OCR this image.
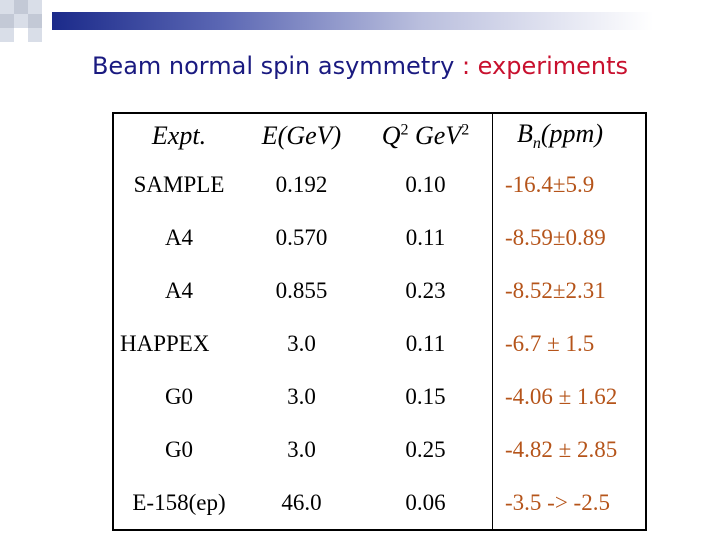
Beam normal spin asymmetry : experiments
Expt.	E(GeV)	$Q^2$ GeV$^2$	$B_n(ppm)$
SAMPLE	0.192	0.10	-16.4±5.9
A4	0.570	0.11	-8.59±0.89
A4	0.855	0.23	-8.52±2.31
HAPPEX	3.0	0.11	-6.7 ± 1.5
G0	3.0	0.15	-4.06 ± 1.62
G0	3.0	0.25	-4.82 ± 2.85
E-158(ep)	46.0	0.06	-3.5 -> -2.5
